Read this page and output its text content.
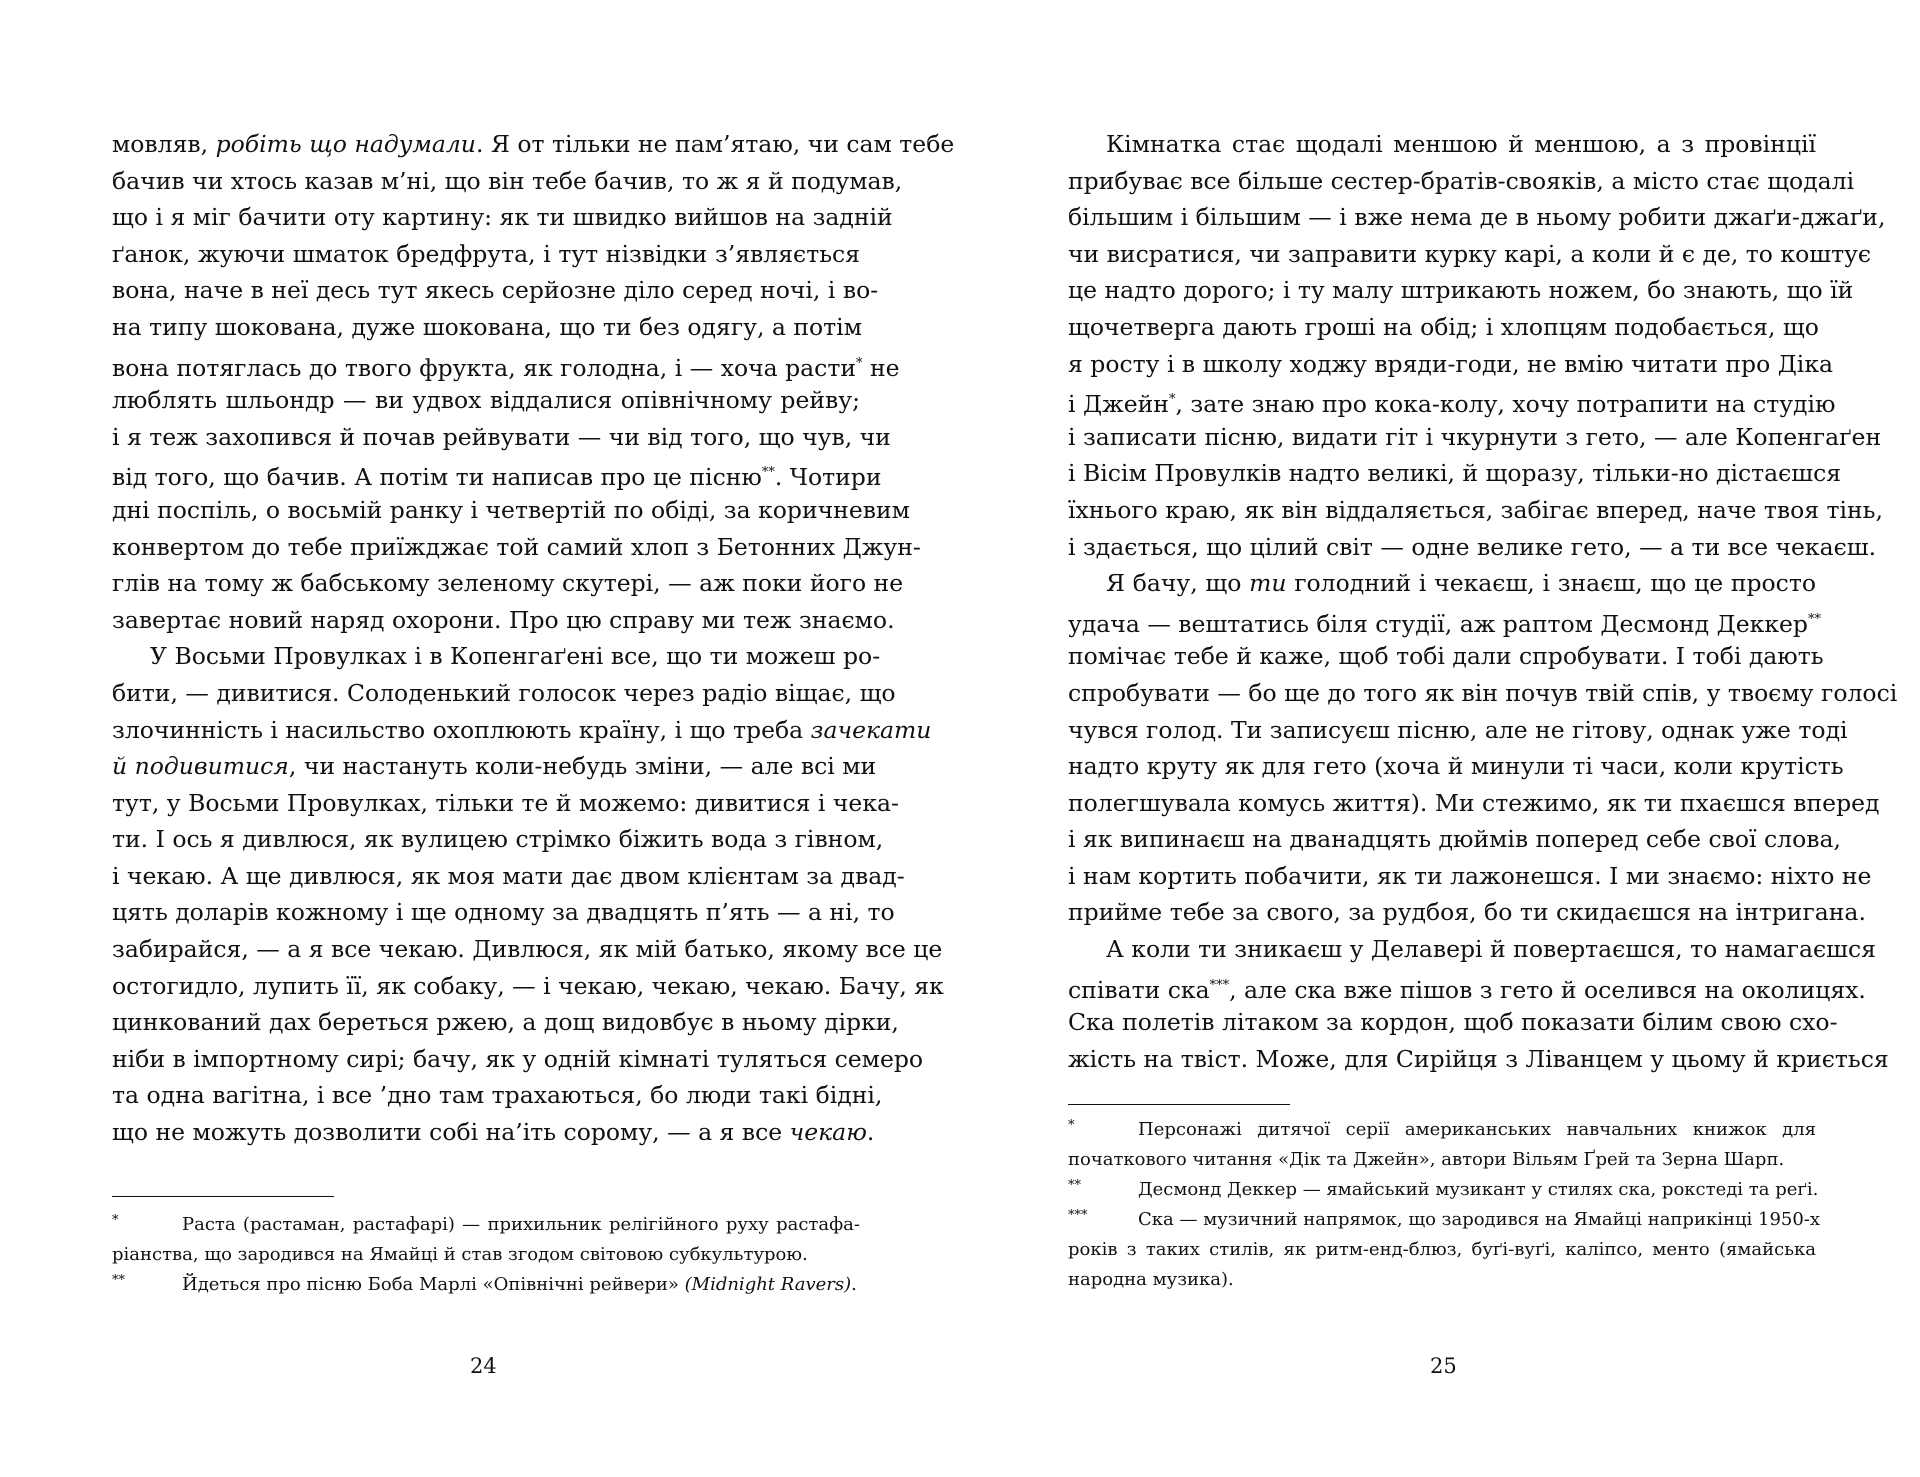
мовляв, робіть що надумали. Я от тільки не пам’ятаю, чи сам тебе
бачив чи хтось казав м’ні, що він тебе бачив, то ж я й подумав,
що і я міг бачити оту картину: як ти швидко вийшов на задній
ґанок, жуючи шматок бредфрута, і тут нізвідки з’являється
вона, наче в неї десь тут якесь серйозне діло серед ночі, і во-
на типу шокована, дуже шокована, що ти без одягу, а потім
вона потяглась до твого фрукта, як голодна, і — хоча расти* не
люблять шльондр — ви удвох віддалися опівнічному рейву;
і я теж захопився й почав рейвувати — чи від того, що чув, чи
від того, що бачив. А потім ти написав про це пісню**. Чотири
дні поспіль, о восьмій ранку і четвертій по обіді, за коричневим
конвертом до тебе приїжджає той самий хлоп з Бетонних Джун-
глів на тому ж бабському зеленому скутері, — аж поки його не
завертає новий наряд охорони. Про цю справу ми теж знаємо.
У Восьми Провулках і в Копенгаґені все, що ти можеш ро-
бити, — дивитися. Солоденький голосок через радіо віщає, що
злочинність і насильство охоплюють країну, і що треба зачекати
й подивитися, чи настануть коли-небудь зміни, — але всі ми
тут, у Восьми Провулках, тільки те й можемо: дивитися і чека-
ти. І ось я дивлюся, як вулицею стрімко біжить вода з гівном,
і чекаю. А ще дивлюся, як моя мати дає двом клієнтам за двад-
цять доларів кожному і ще одному за двадцять п’ять — а ні, то
забирайся, — а я все чекаю. Дивлюся, як мій батько, якому все це
остогидло, лупить її, як собаку, — і чекаю, чекаю, чекаю. Бачу, як
цинкований дах береться ржею, а дощ видовбує в ньому дірки,
ніби в імпортному сирі; бачу, як у одній кімнаті туляться семеро
та одна вагітна, і все ’дно там трахаються, бо люди такі бідні,
що не можуть дозволити собі на’іть сорому, — а я все чекаю.
*	Раста (растаман, растафарі) — прихильник релігійного руху растафа-
ріанства, що зародився на Ямайці й став згодом світовою субкультурою.
**	Йдеться про пісню Боба Марлі «Опівнічні рейвери» (Midnight Ravers).
24
Кімнатка стає щодалі меншою й меншою, а з провінції
прибуває все більше сестер-братів-свояків, а місто стає щодалі
більшим і більшим — і вже нема де в ньому робити джаґи-джаґи,
чи висратися, чи заправити курку карі, а коли й є де, то коштує
це надто дорого; і ту малу штрикають ножем, бо знають, що їй
щочетверга дають гроші на обід; і хлопцям подобається, що
я росту і в школу ходжу вряди-годи, не вмію читати про Діка
і Джейн*, зате знаю про кока-колу, хочу потрапити на студію
і записати пісню, видати гіт і чкурнути з гето, — але Копенгаґен
і Вісім Провулків надто великі, й щоразу, тільки-но дістаєшся
їхнього краю, як він віддаляється, забігає вперед, наче твоя тінь,
і здається, що цілий світ — одне велике гето, — а ти все чекаєш.
Я бачу, що ти голодний і чекаєш, і знаєш, що це просто
удача — вештатись біля студії, аж раптом Десмонд Деккер**
помічає тебе й каже, щоб тобі дали спробувати. І тобі дають
спробувати — бо ще до того як він почув твій спів, у твоєму голосі
чувся голод. Ти записуєш пісню, але не гітову, однак уже тоді
надто круту як для гето (хоча й минули ті часи, коли крутість
полегшувала комусь життя). Ми стежимо, як ти пхаєшся вперед
і як випинаєш на дванадцять дюймів поперед себе свої слова,
і нам кортить побачити, як ти лажонешся. І ми знаємо: ніхто не
прийме тебе за свого, за рудбоя, бо ти скидаєшся на інтригана.
А коли ти зникаєш у Делавері й повертаєшся, то намагаєшся
співати ска***, але ска вже пішов з гето й оселився на околицях.
Ска полетів літаком за кордон, щоб показати білим свою схо-
жість на твіст. Може, для Сирійця з Ліванцем у цьому й криється
*	Персонажі дитячої серії американських навчальних книжок для
початкового читання «Дік та Джейн», автори Вільям Ґрей та Зерна Шарп.
**	Десмонд Деккер — ямайський музикант у стилях ска, рокстеді та реґі.
***	Ска — музичний напрямок, що зародився на Ямайці наприкінці 1950-х
років з таких стилів, як ритм-енд-блюз, буґі-вуґі, каліпсо, менто (ямайська
народна музика).
25
